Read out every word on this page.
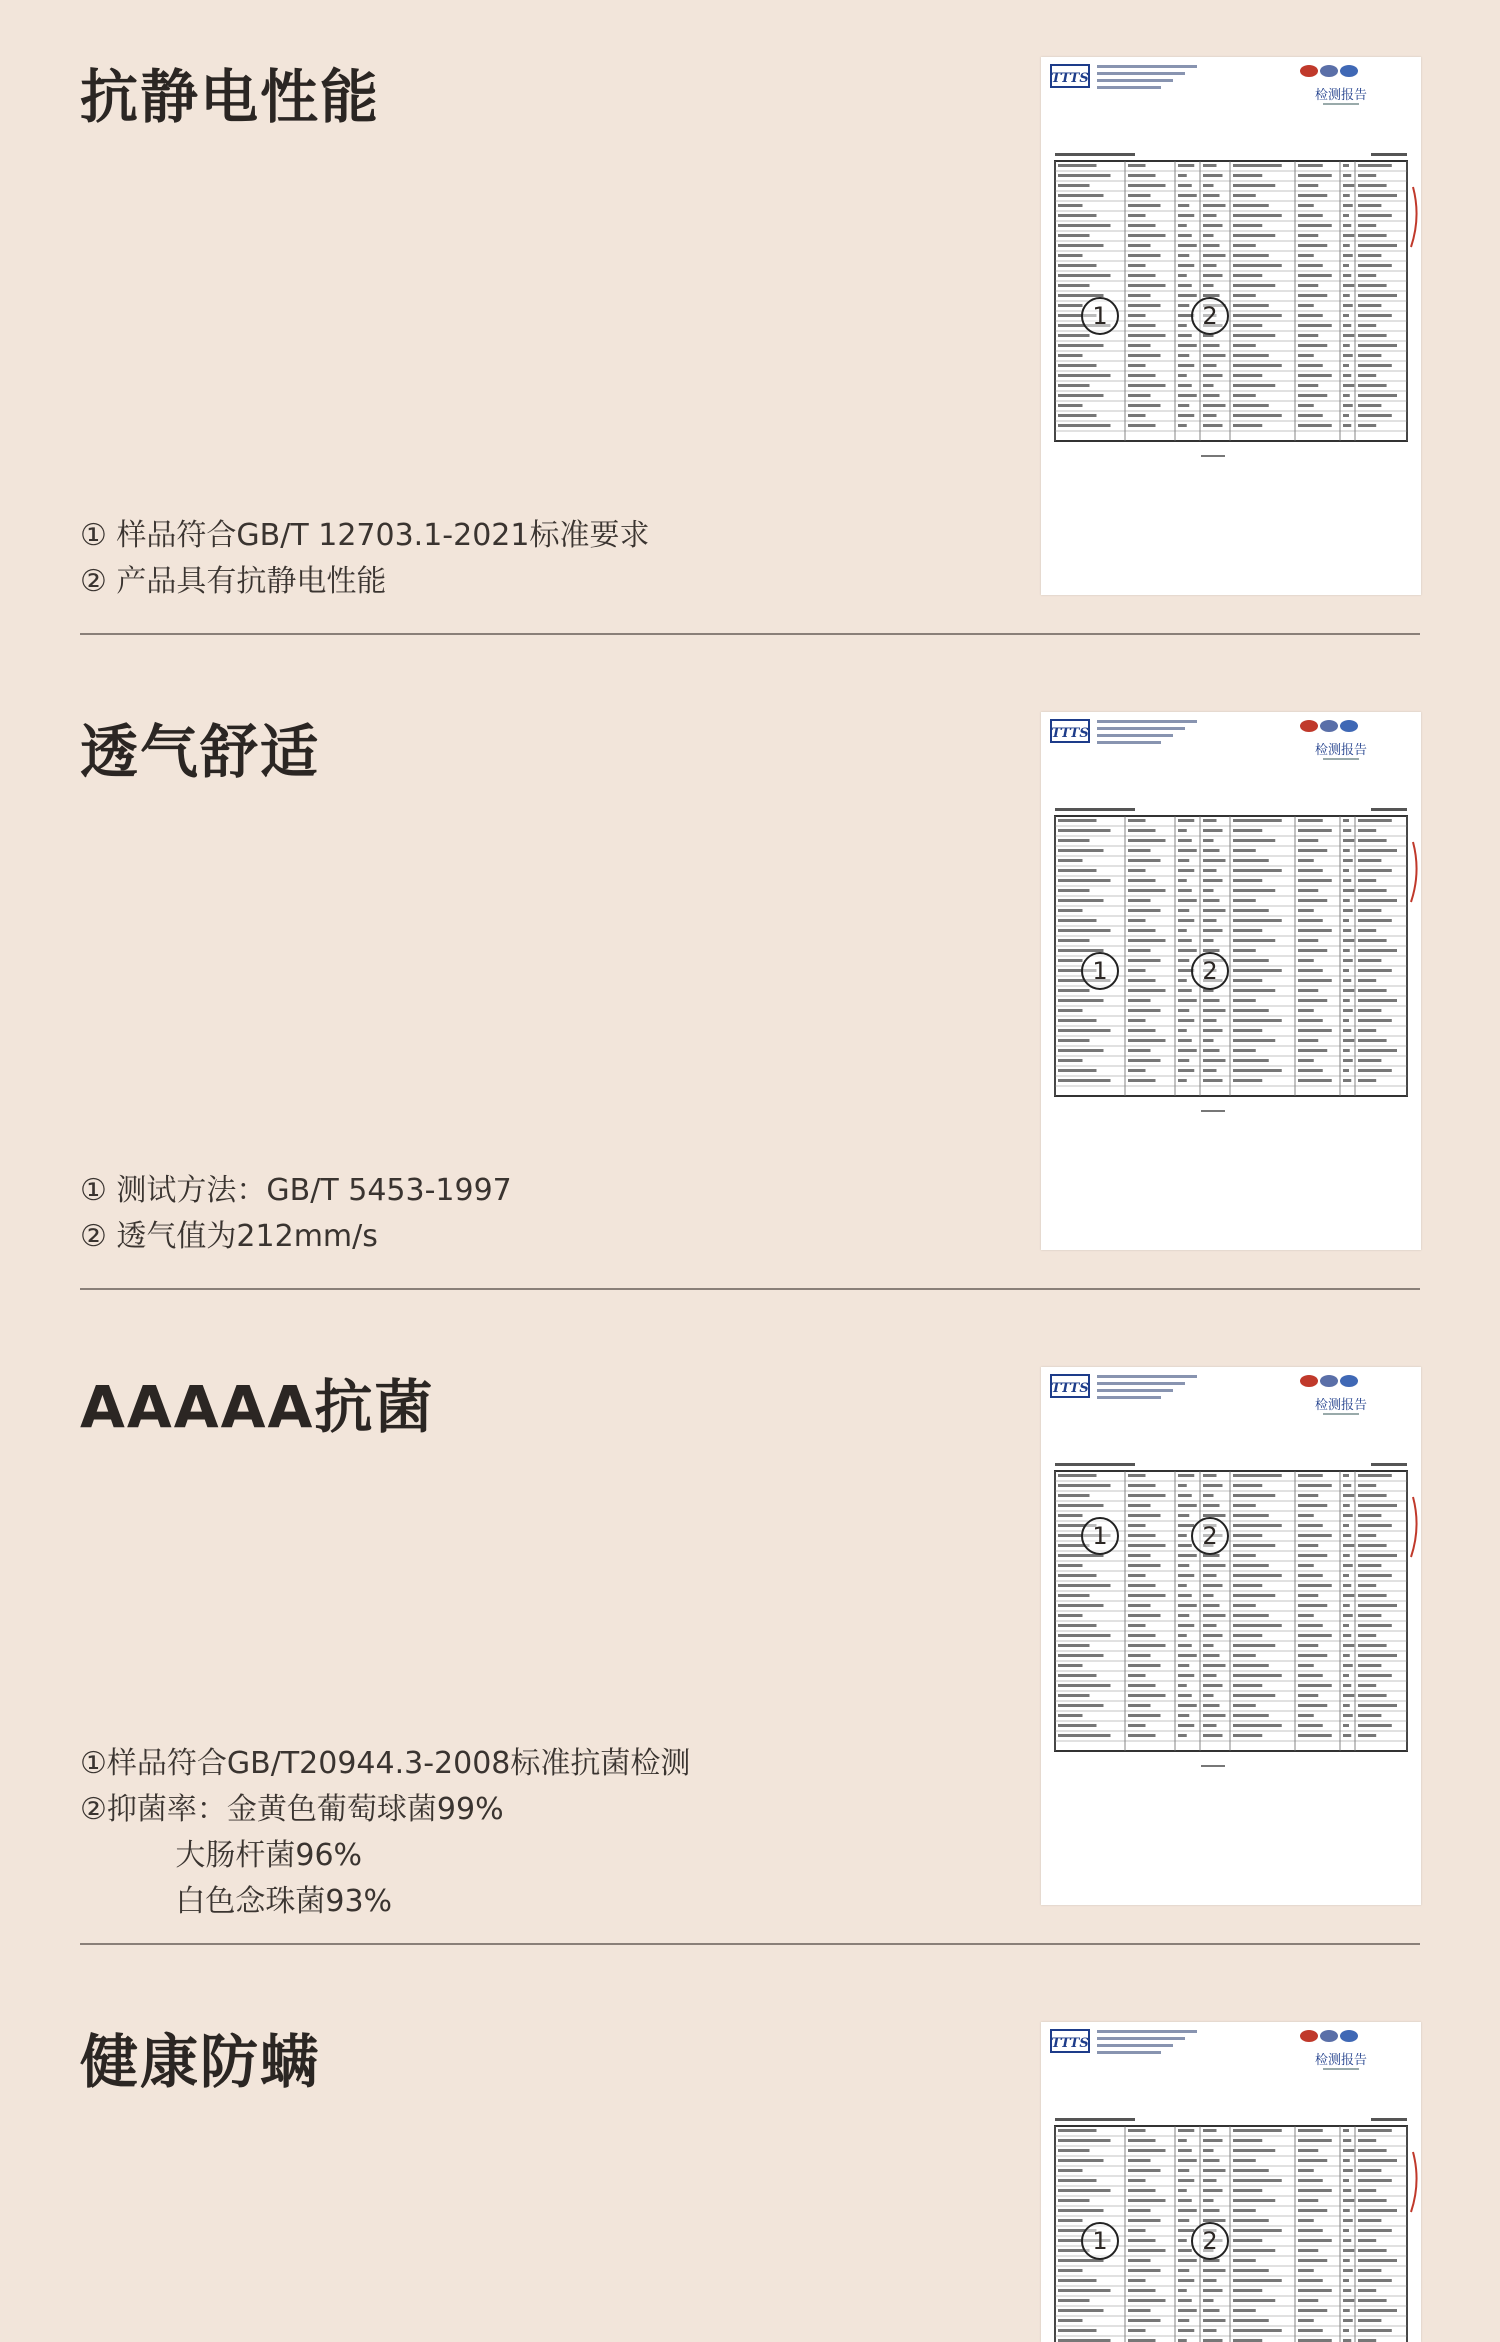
抗静电性能
① 样品符合GB/T 12703.1-2021标准要求
② 产品具有抗静电性能
TTTS
检测报告
1	2
透气舒适
① 测试方法：GB/T 5453-1997
② 透气值为212mm/s
TTTS
检测报告
1	2
AAAAA抗菌
①样品符合GB/T20944.3-2008标准抗菌检测
②抑菌率：金黄色葡萄球菌99%
大肠杆菌96%
白色念珠菌93%
TTTS
检测报告
1	2
健康防螨	TTTS
检测报告
1	2
